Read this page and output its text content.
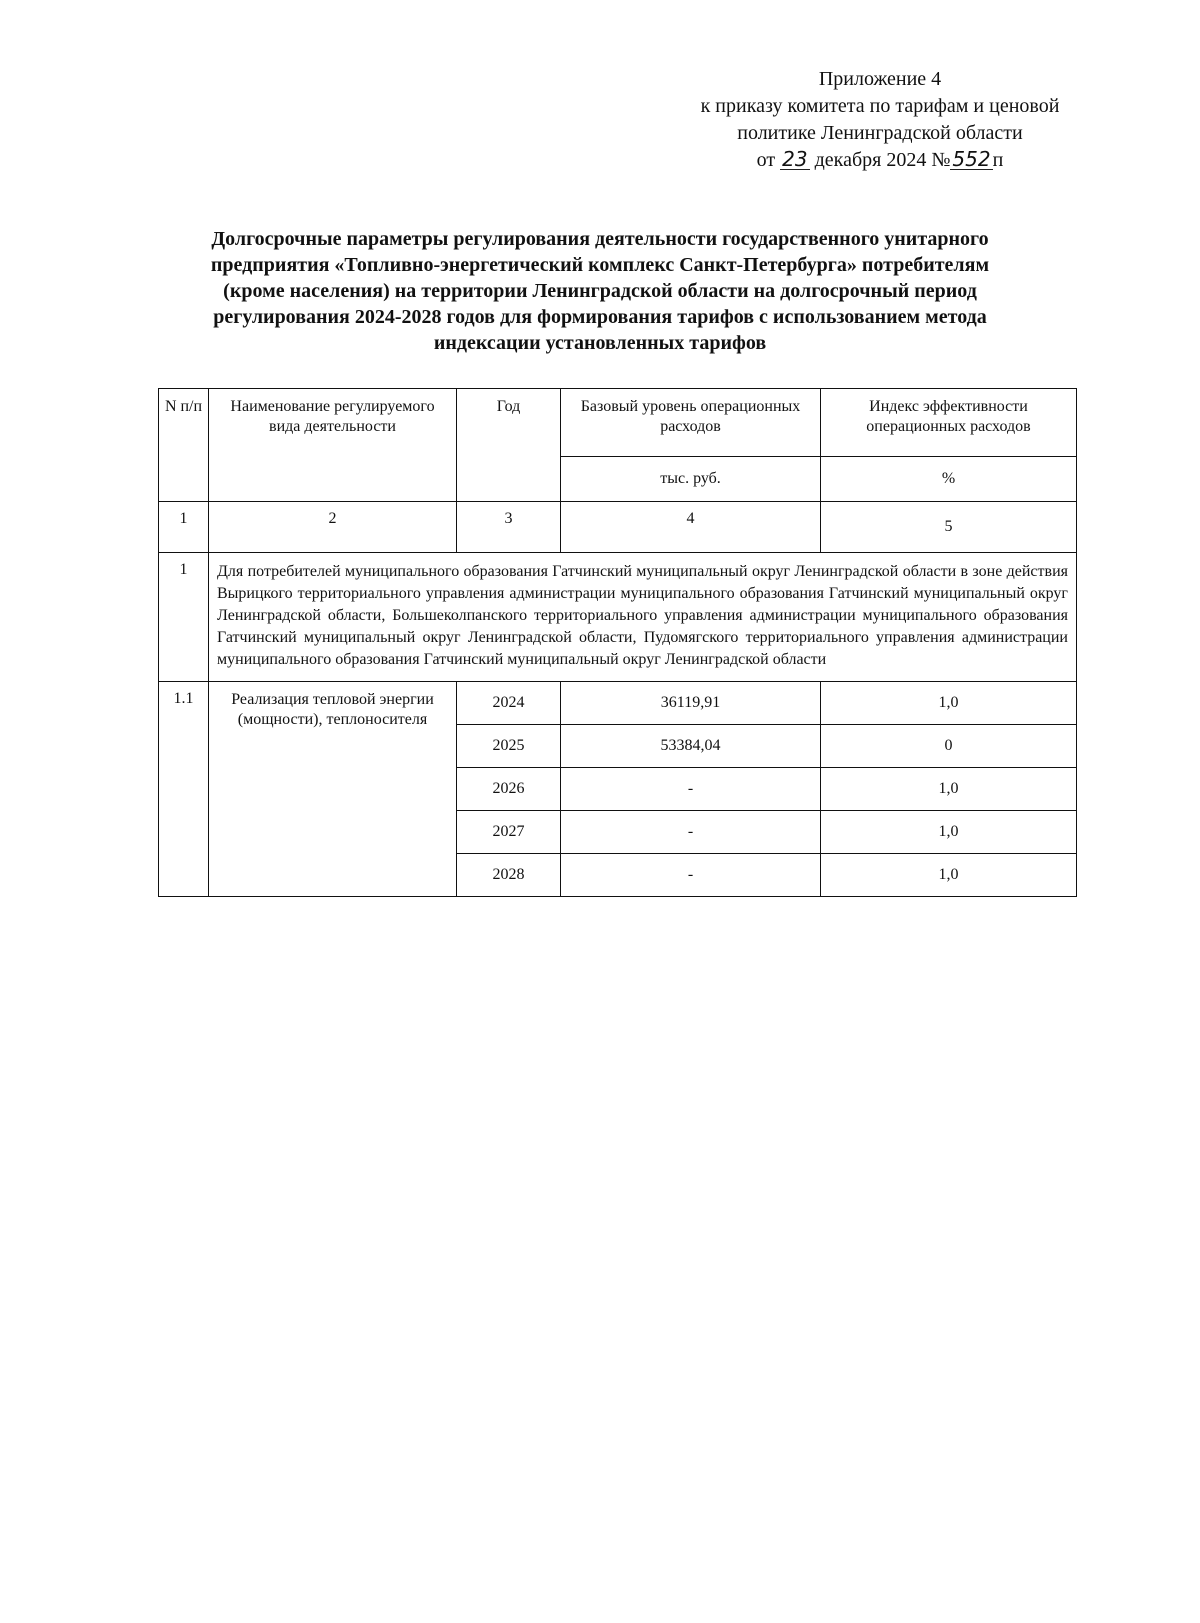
Приложение 4
к приказу комитета по тарифам и ценовой
политике Ленинградской области
от 23 декабря 2024 № 552 п
Долгосрочные параметры регулирования деятельности государственного унитарного
предприятия «Топливно-энергетический комплекс Санкт-Петербурга» потребителям
(кроме населения) на территории Ленинградской области на долгосрочный период
регулирования 2024-2028 годов для формирования тарифов с использованием метода
индексации установленных тарифов
N п/п	Наименование регулируемого вида деятельности	Год	Базовый уровень операционных расходов	Индекс эффективности операционных расходов
			тыс. руб.	%
1	2	3	4	5
1	Для потребителей муниципального образования Гатчинский муниципальный округ Ленинградской области в зоне действия Вырицкого территориального управления администрации муниципального образования Гатчинский муниципальный округ Ленинградской области, Большеколпанского территориального управления администрации муниципального образования Гатчинский муниципальный округ Ленинградской области, Пудомягского территориального управления администрации муниципального образования Гатчинский муниципальный округ Ленинградской области			
1.1	Реализация тепловой энергии (мощности), теплоносителя	2024	36119,91	1,0
		2025	53384,04	0
		2026	-	1,0
		2027	-	1,0
		2028	-	1,0
